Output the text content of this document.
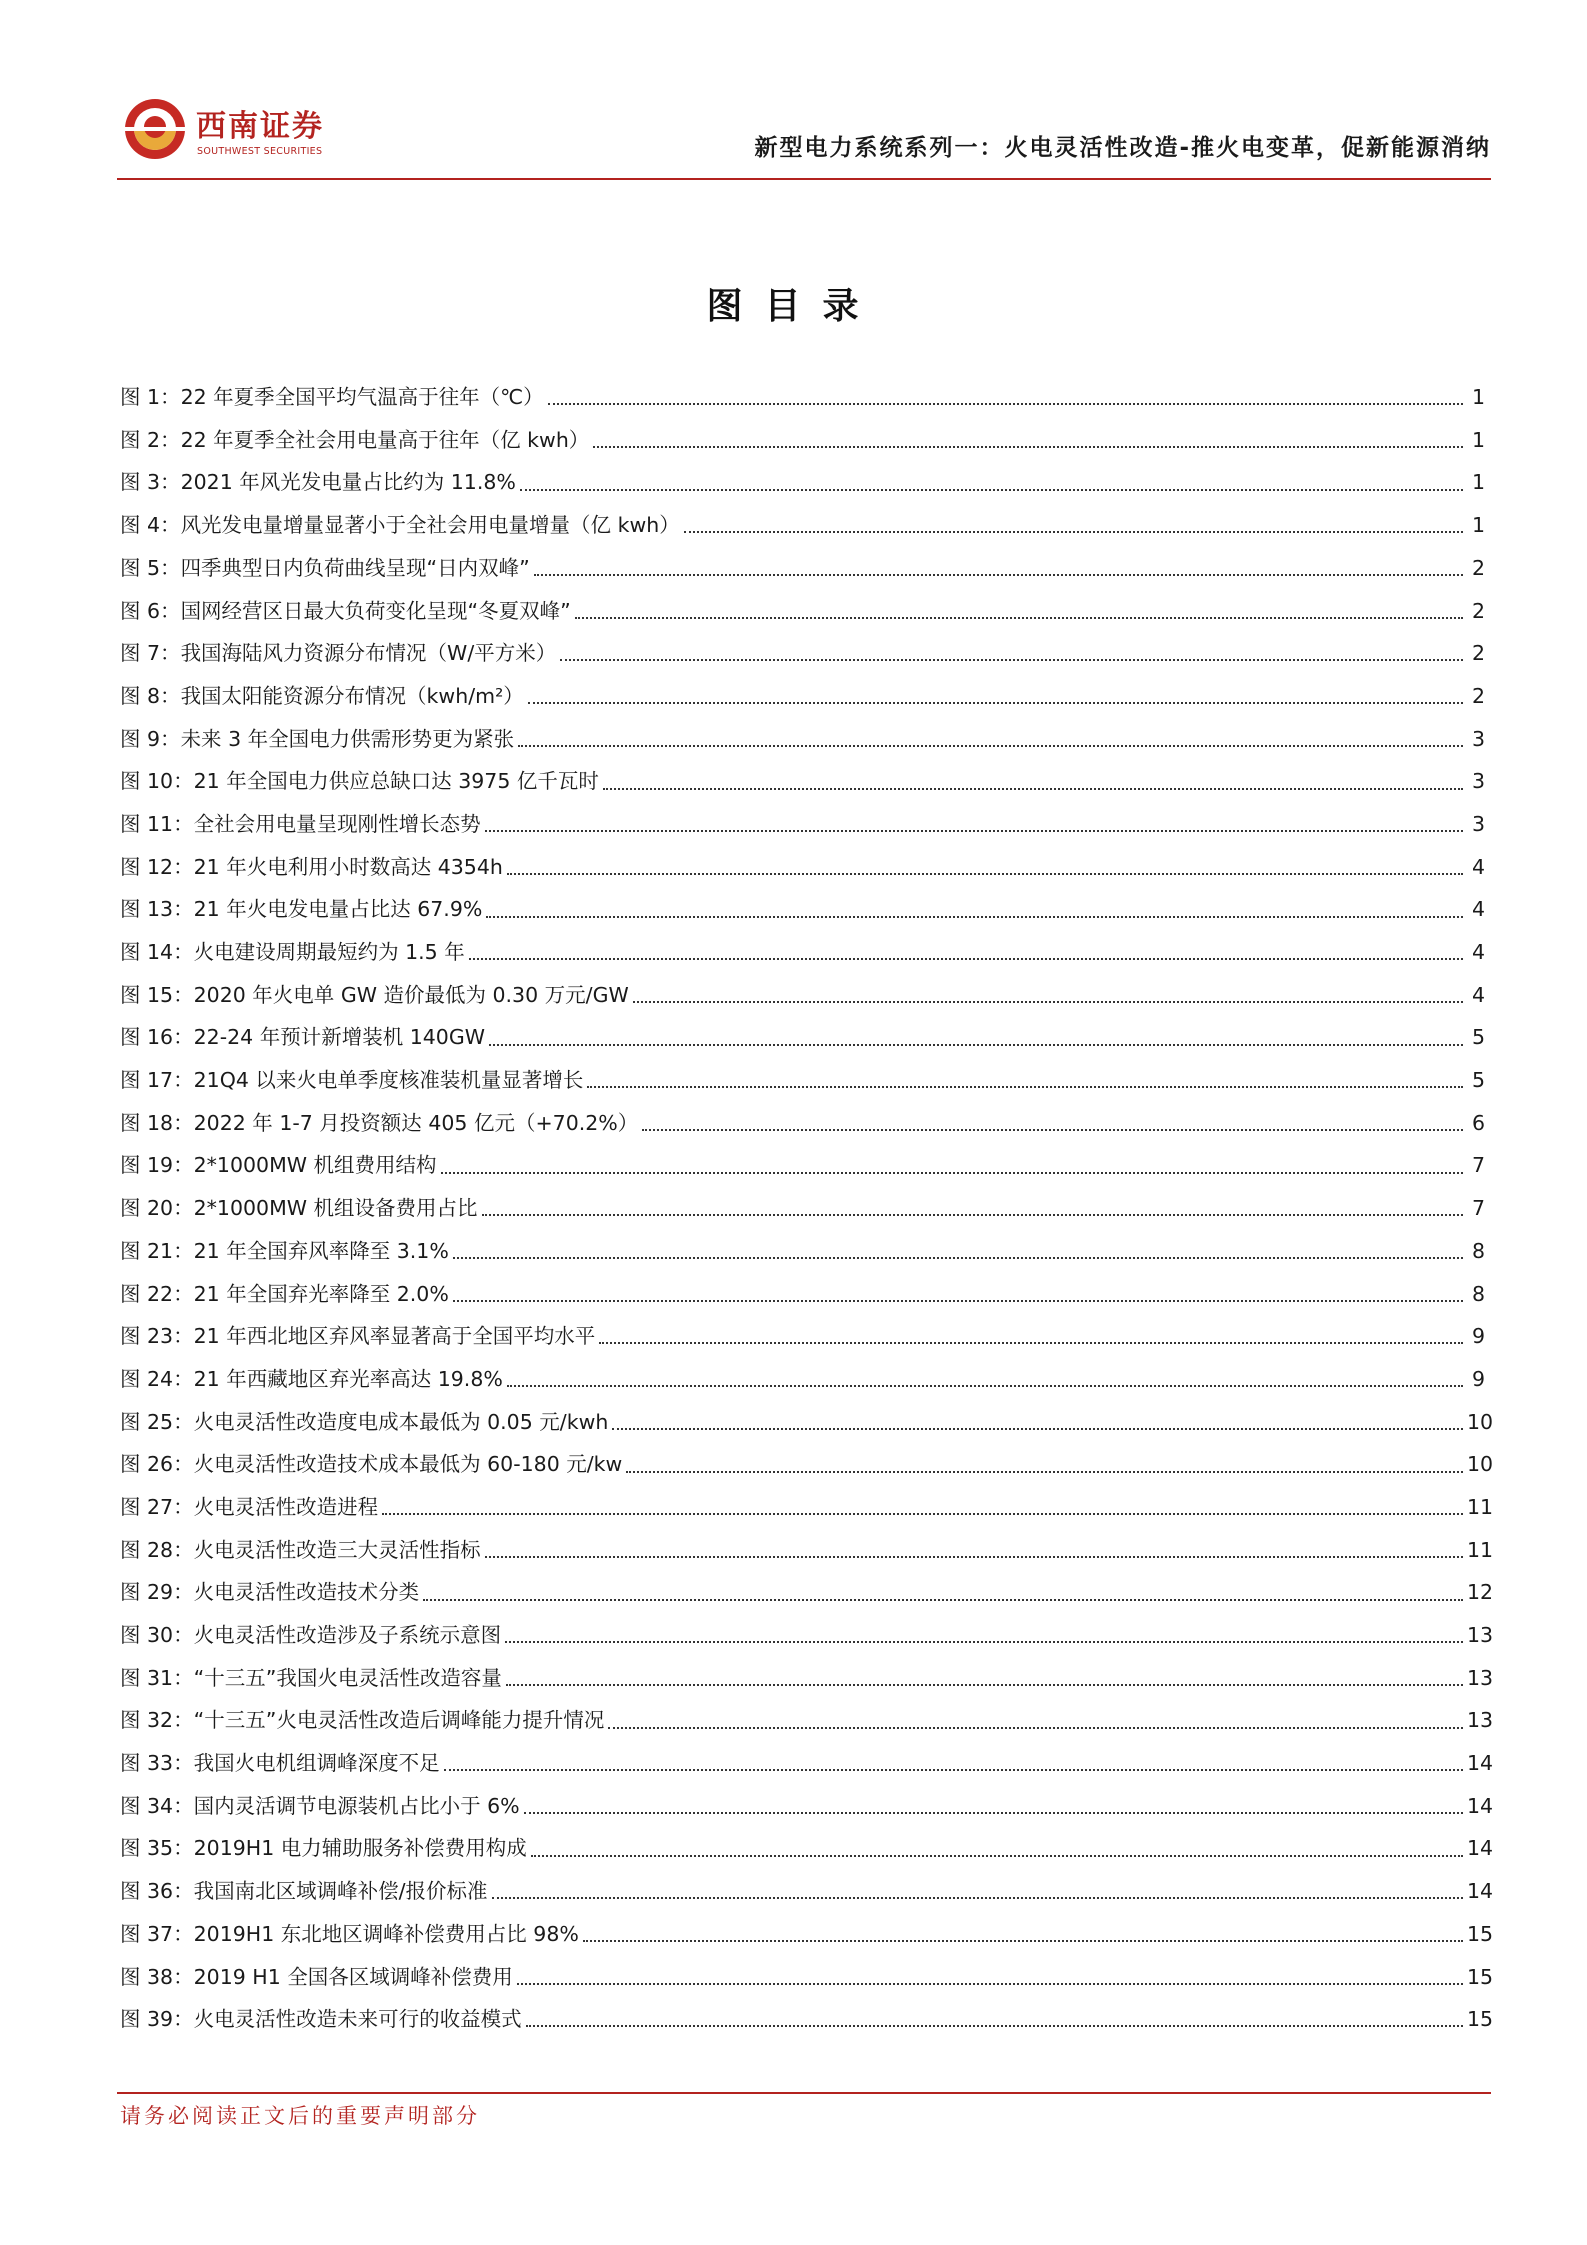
西南证券
SOUTHWEST SECURITIES	新型电力系统系列一：火电灵活性改造-推火电变革，促新能源消纳
图目录
图 1：22 年夏季全国平均气温高于往年（℃）	1
图 2：22 年夏季全社会用电量高于往年（亿 kwh）	1
图 3：2021 年风光发电量占比约为 11.8%	1
图 4：风光发电量增量显著小于全社会用电量增量（亿 kwh）	1
图 5：四季典型日内负荷曲线呈现“日内双峰”	2
图 6：国网经营区日最大负荷变化呈现“冬夏双峰”	2
图 7：我国海陆风力资源分布情况（W/平方米）	2
图 8：我国太阳能资源分布情况（kwh/m²）	2
图 9：未来 3 年全国电力供需形势更为紧张	3
图 10：21 年全国电力供应总缺口达 3975 亿千瓦时	3
图 11：全社会用电量呈现刚性增长态势	3
图 12：21 年火电利用小时数高达 4354h	4
图 13：21 年火电发电量占比达 67.9%	4
图 14：火电建设周期最短约为 1.5 年	4
图 15：2020 年火电单 GW 造价最低为 0.30 万元/GW	4
图 16：22-24 年预计新增装机 140GW	5
图 17：21Q4 以来火电单季度核准装机量显著增长	5
图 18：2022 年 1-7 月投资额达 405 亿元（+70.2%）	6
图 19：2*1000MW 机组费用结构	7
图 20：2*1000MW 机组设备费用占比	7
图 21：21 年全国弃风率降至 3.1%	8
图 22：21 年全国弃光率降至 2.0%	8
图 23：21 年西北地区弃风率显著高于全国平均水平	9
图 24：21 年西藏地区弃光率高达 19.8%	9
图 25：火电灵活性改造度电成本最低为 0.05 元/kwh	10
图 26：火电灵活性改造技术成本最低为 60-180 元/kw	10
图 27：火电灵活性改造进程	11
图 28：火电灵活性改造三大灵活性指标	11
图 29：火电灵活性改造技术分类	12
图 30：火电灵活性改造涉及子系统示意图	13
图 31：“十三五”我国火电灵活性改造容量	13
图 32：“十三五”火电灵活性改造后调峰能力提升情况	13
图 33：我国火电机组调峰深度不足	14
图 34：国内灵活调节电源装机占比小于 6%	14
图 35：2019H1 电力辅助服务补偿费用构成	14
图 36：我国南北区域调峰补偿/报价标准	14
图 37：2019H1 东北地区调峰补偿费用占比 98%	15
图 38：2019 H1 全国各区域调峰补偿费用	15
图 39：火电灵活性改造未来可行的收益模式	15
请务必阅读正文后的重要声明部分
